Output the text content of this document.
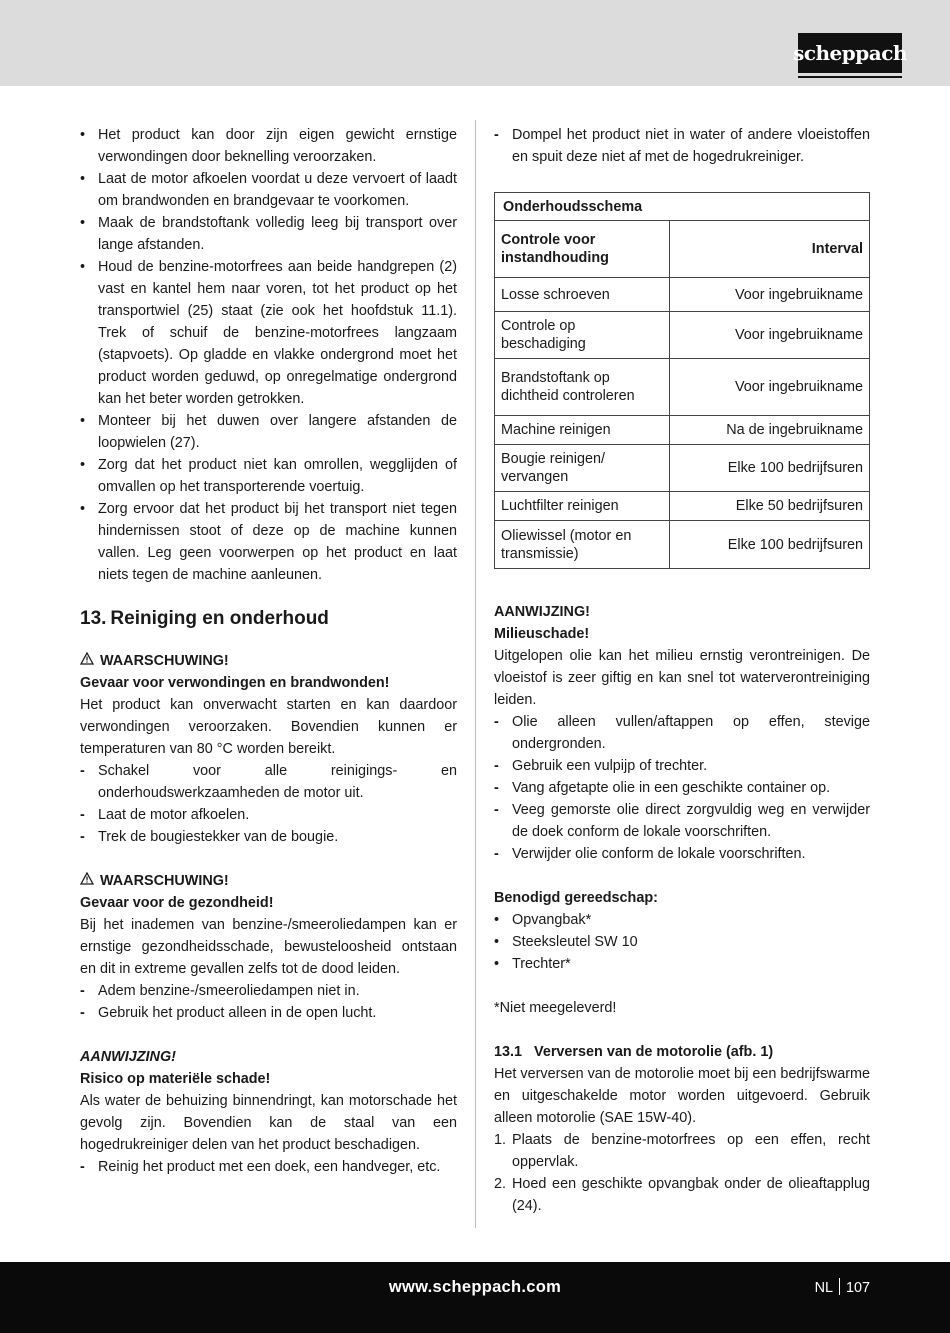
scheppach
• Het product kan door zijn eigen gewicht ernstige verwondingen door beknelling veroorzaken.
• Laat de motor afkoelen voordat u deze vervoert of laadt om brandwonden en brandgevaar te voorkomen.
• Maak de brandstoftank volledig leeg bij transport over lange afstanden.
• Houd de benzine-motorfrees aan beide handgrepen (2) vast en kantel hem naar voren, tot het product op het transportwiel (25) staat (zie ook het hoofdstuk 11.1). Trek of schuif de benzine-motorfrees langzaam (stapvoets). Op gladde en vlakke ondergrond moet het product worden geduwd, op onregelmatige ondergrond kan het beter worden getrokken.
• Monteer bij het duwen over langere afstanden de loopwielen (27).
• Zorg dat het product niet kan omrollen, wegglijden of omvallen op het transporterende voertuig.
• Zorg ervoor dat het product bij het transport niet tegen hindernissen stoot of deze op de machine kunnen vallen. Leg geen voorwerpen op het product en laat niets tegen de machine aanleunen.
13. Reiniging en onderhoud
WAARSCHUWING!

Gevaar voor verwondingen en brandwonden!

Het product kan onverwacht starten en kan daardoor verwondingen veroorzaken. Bovendien kunnen er temperaturen van 80 °C worden bereikt.

- Schakel voor alle reinigings- en onderhoudswerkzaamheden de motor uit.
- Laat de motor afkoelen.
- Trek de bougiestekker van de bougie.
WAARSCHUWING!

Gevaar voor de gezondheid!

Bij het inademen van benzine-/smeeroliedampen kan er ernstige gezondheidsschade, bewusteloosheid ontstaan en dit in extreme gevallen zelfs tot de dood leiden.

- Adem benzine-/smeeroliedampen niet in.
- Gebruik het product alleen in de open lucht.

AANWIJZING!

Risico op materiële schade!

Als water de behuizing binnendringt, kan motorschade het gevolg zijn. Bovendien kan de staal van een hogedrukreiniger delen van het product beschadigen.

- Reinig het product met een doek, een handveger, etc.
- Dompel het product niet in water of andere vloeistoffen en spuit deze niet af met de hogedrukreiniger.
Onderhoudsschema	
Controle voor instandhouding	Interval
Losse schroeven	Voor ingebruikname
Controle op beschadiging	Voor ingebruikname
Brandstoftank op dichtheid controleren	Voor ingebruikname
Machine reinigen	Na de ingebruikname
Bougie reinigen/ vervangen	Elke 100 bedrijfsuren
Luchtfilter reinigen	Elke 50 bedrijfsuren
Oliewissel (motor en transmissie)	Elke 100 bedrijfsuren

AANWIJZING!

Milieuschade!

Uitgelopen olie kan het milieu ernstig verontreinigen. De vloeistof is zeer giftig en kan snel tot waterverontreiniging leiden.

- Olie alleen vullen/aftappen op effen, stevige ondergronden.
- Gebruik een vulpijp of trechter.
- Vang afgetapte olie in een geschikte container op.
- Veeg gemorste olie direct zorgvuldig weg en verwijder de doek conform de lokale voorschriften.
- Verwijder olie conform de lokale voorschriften.

Benodigd gereedschap:

• Opvangbak*
• Steeksleutel SW 10
• Trechter*

*Niet meegeleverd!

13.1 Verversen van de motorolie (afb. 1)

Het verversen van de motorolie moet bij een bedrijfswarme en uitgeschakelde motor worden uitgevoerd. Gebruik alleen motorolie (SAE 15W-40).

1. Plaats de benzine-motorfrees op een effen, recht oppervlak.
2. Hoed een geschikte opvangbak onder de olieaftapplug (24).
www.scheppach.com	NL 107
